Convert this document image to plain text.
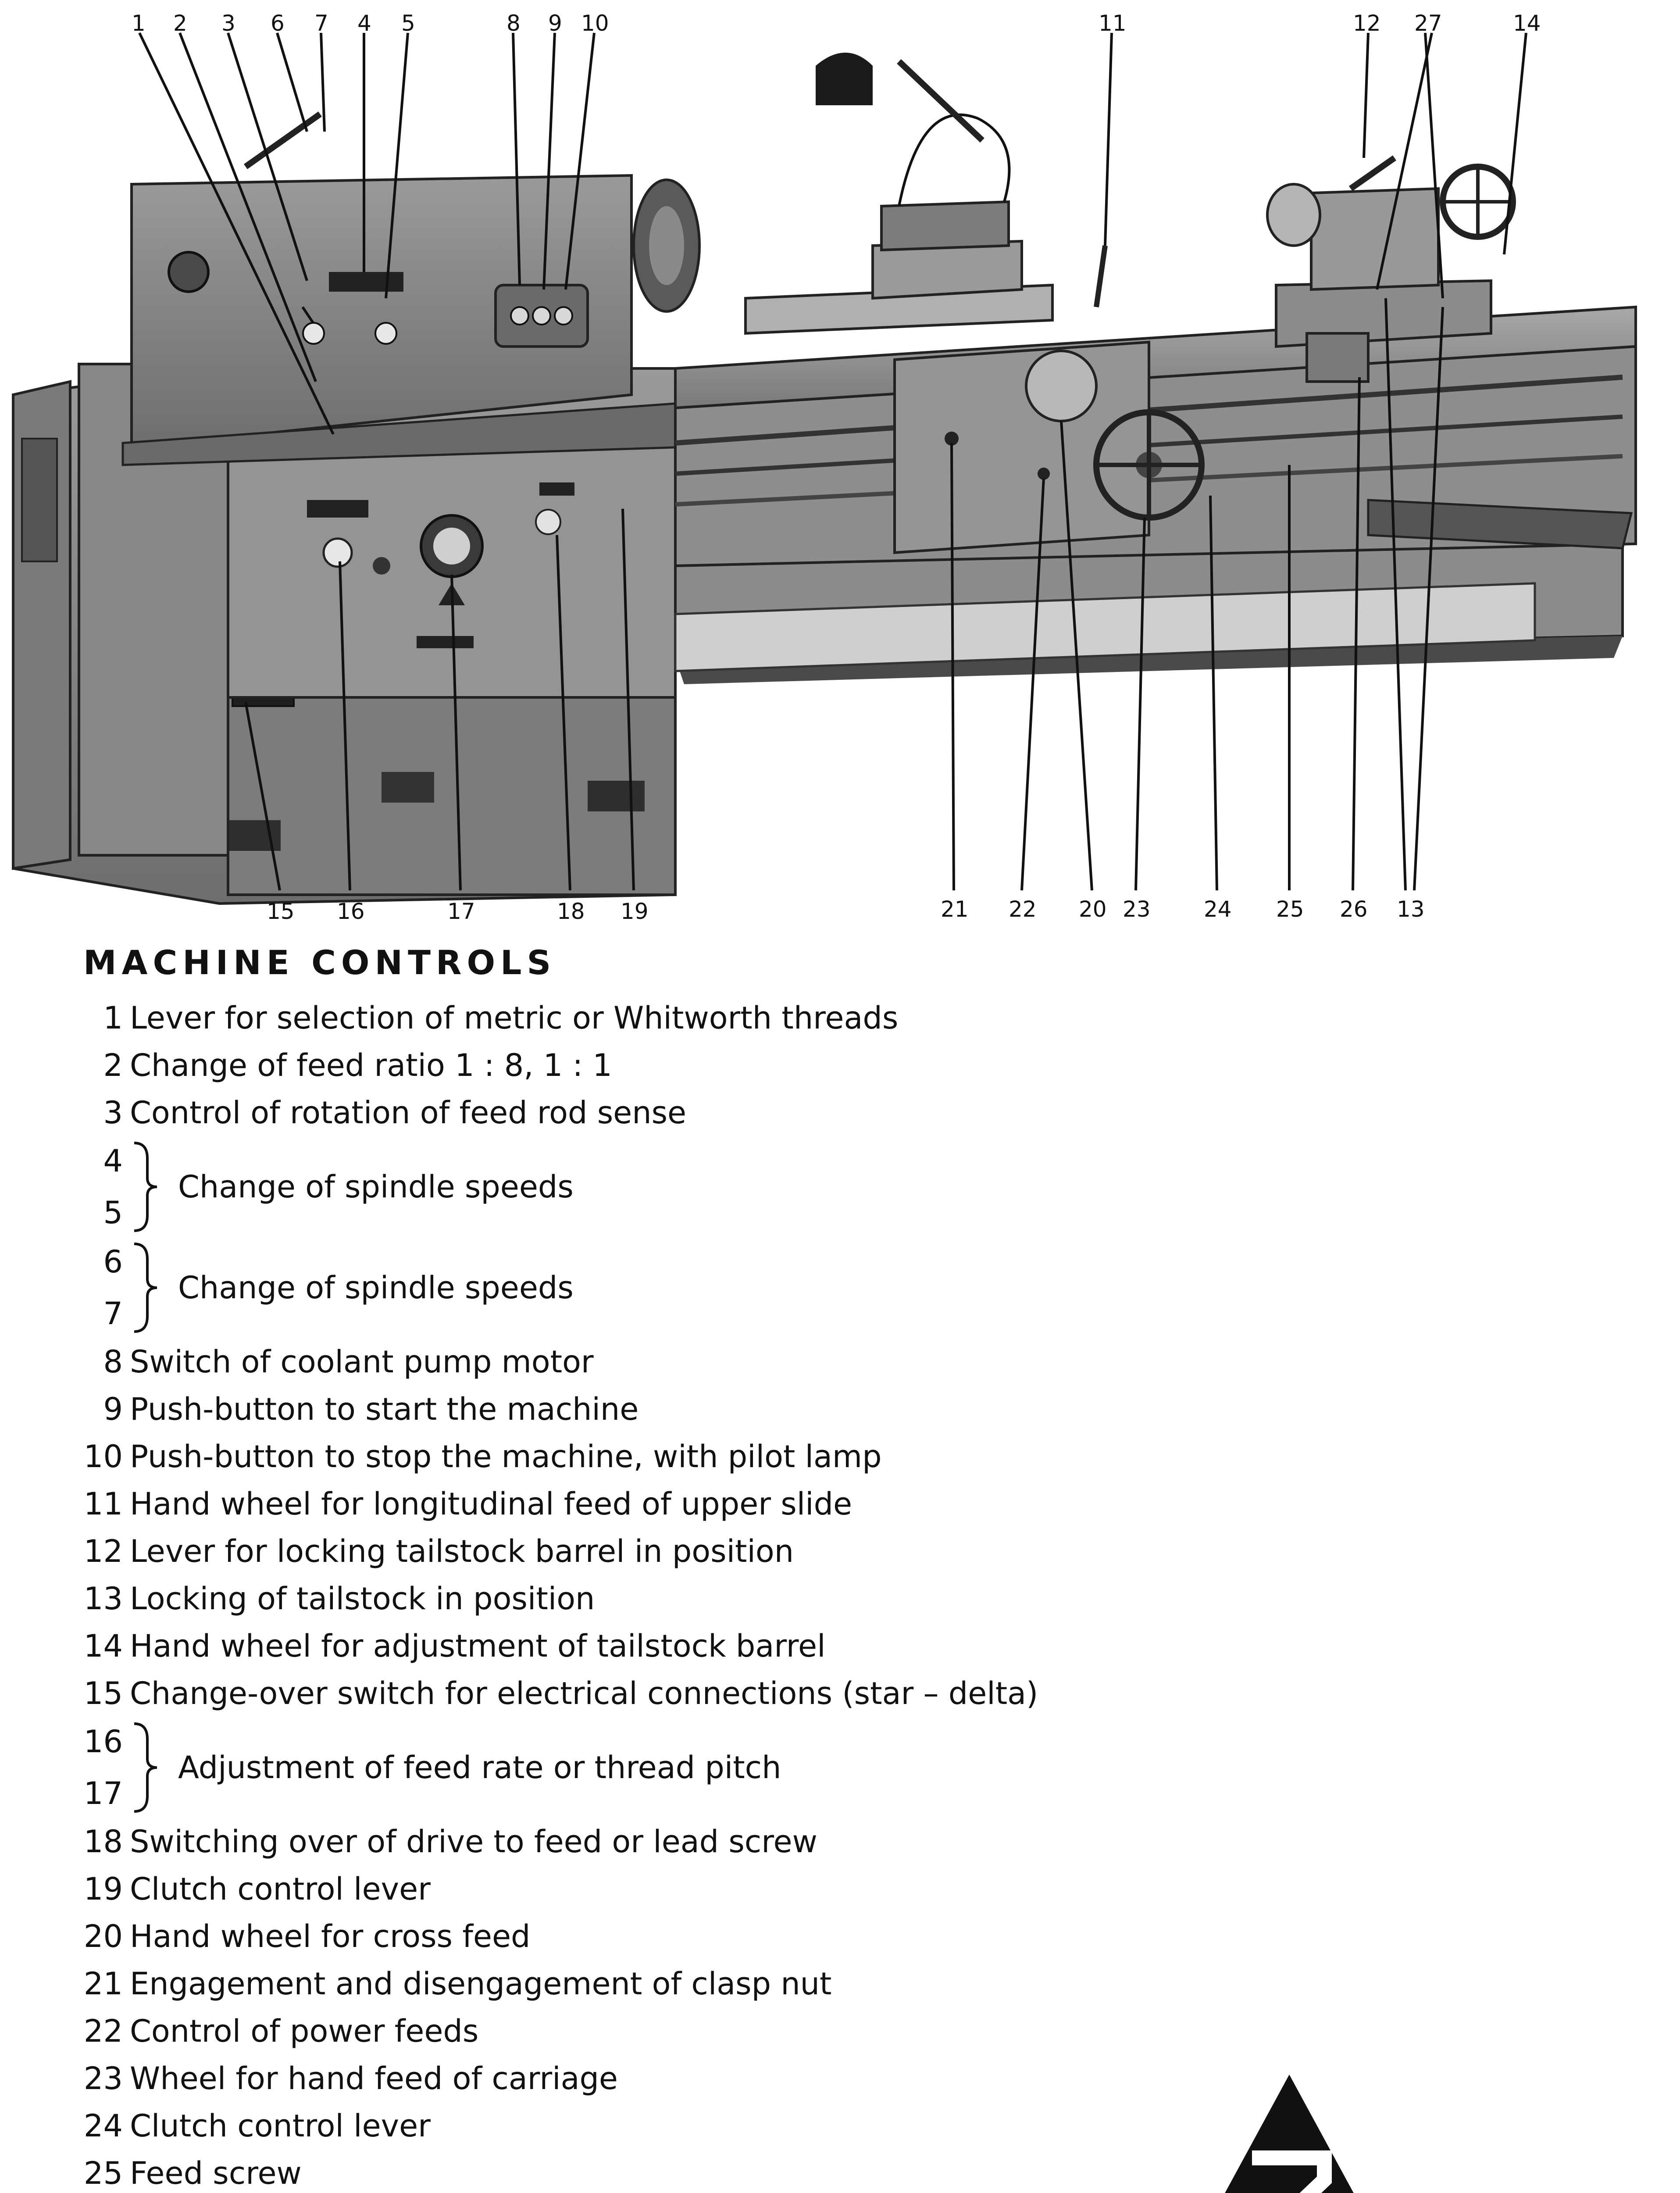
1 2 3 6 7 4 5	8 9 10	11	12 27	14
15 16	17	18 19	21 22 20 23 24 25 26 13
MACHINE CONTROLS
1 Lever for selection of metric or Whitworth threads
2 Change of feed ratio 1 : 8, 1 : 1
3 Control of rotation of feed rod sense
4
5
Change of spindle speeds
6
7
Change of spindle speeds
8 Switch of coolant pump motor
9 Push-button to start the machine
10 Push-button to stop the machine, with pilot lamp
11 Hand wheel for longitudinal feed of upper slide
12 Lever for locking tailstock barrel in position
13 Locking of tailstock in position
14 Hand wheel for adjustment of tailstock barrel
15 Change-over switch for electrical connections (star – delta)
16
17
Adjustment of feed rate or thread pitch
18 Switching over of drive to feed or lead screw
19 Clutch control lever
20 Hand wheel for cross feed
21 Engagement and disengagement of clasp nut
22 Control of power feeds
23 Wheel for hand feed of carriage
24 Clutch control lever
25 Feed screw
